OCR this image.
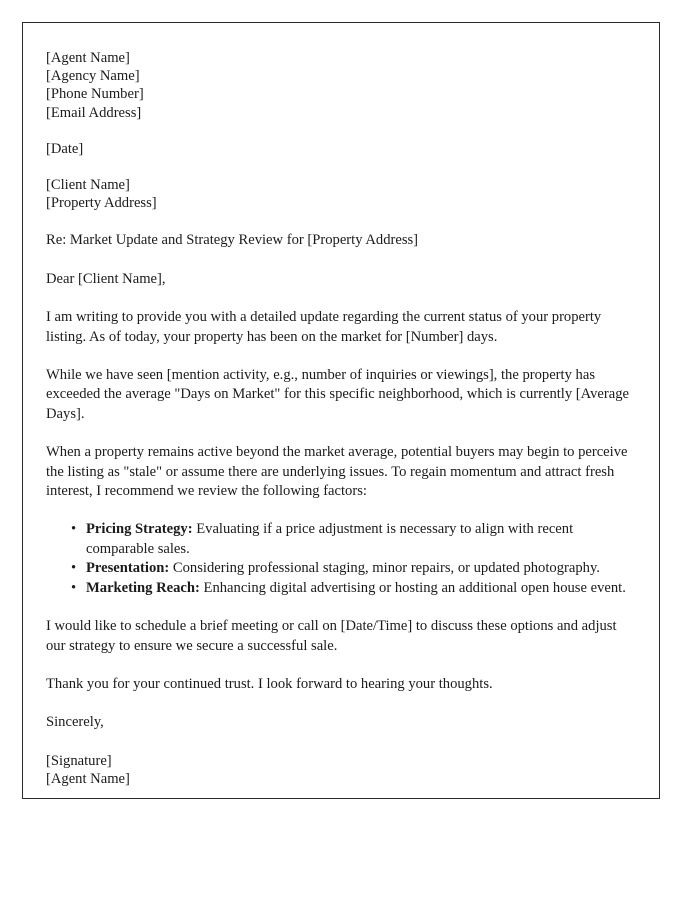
[Agent Name]
[Agency Name]
[Phone Number]
[Email Address]
[Date]
[Client Name]
[Property Address]

Re: Market Update and Strategy Review for [Property Address]

Dear [Client Name],

I am writing to provide you with a detailed update regarding the current status of your property listing. As of today, your property has been on the market for [Number] days.

While we have seen [mention activity, e.g., number of inquiries or viewings], the property has exceeded the average "Days on Market" for this specific neighborhood, which is currently [Average Days].

When a property remains active beyond the market average, potential buyers may begin to perceive the listing as "stale" or assume there are underlying issues. To regain momentum and attract fresh interest, I recommend we review the following factors:

• Pricing Strategy: Evaluating if a price adjustment is necessary to align with recent comparable sales.
• Presentation: Considering professional staging, minor repairs, or updated photography.
• Marketing Reach: Enhancing digital advertising or hosting an additional open house event.

I would like to schedule a brief meeting or call on [Date/Time] to discuss these options and adjust our strategy to ensure we secure a successful sale.

Thank you for your continued trust. I look forward to hearing your thoughts.

Sincerely,

[Signature]
[Agent Name]
